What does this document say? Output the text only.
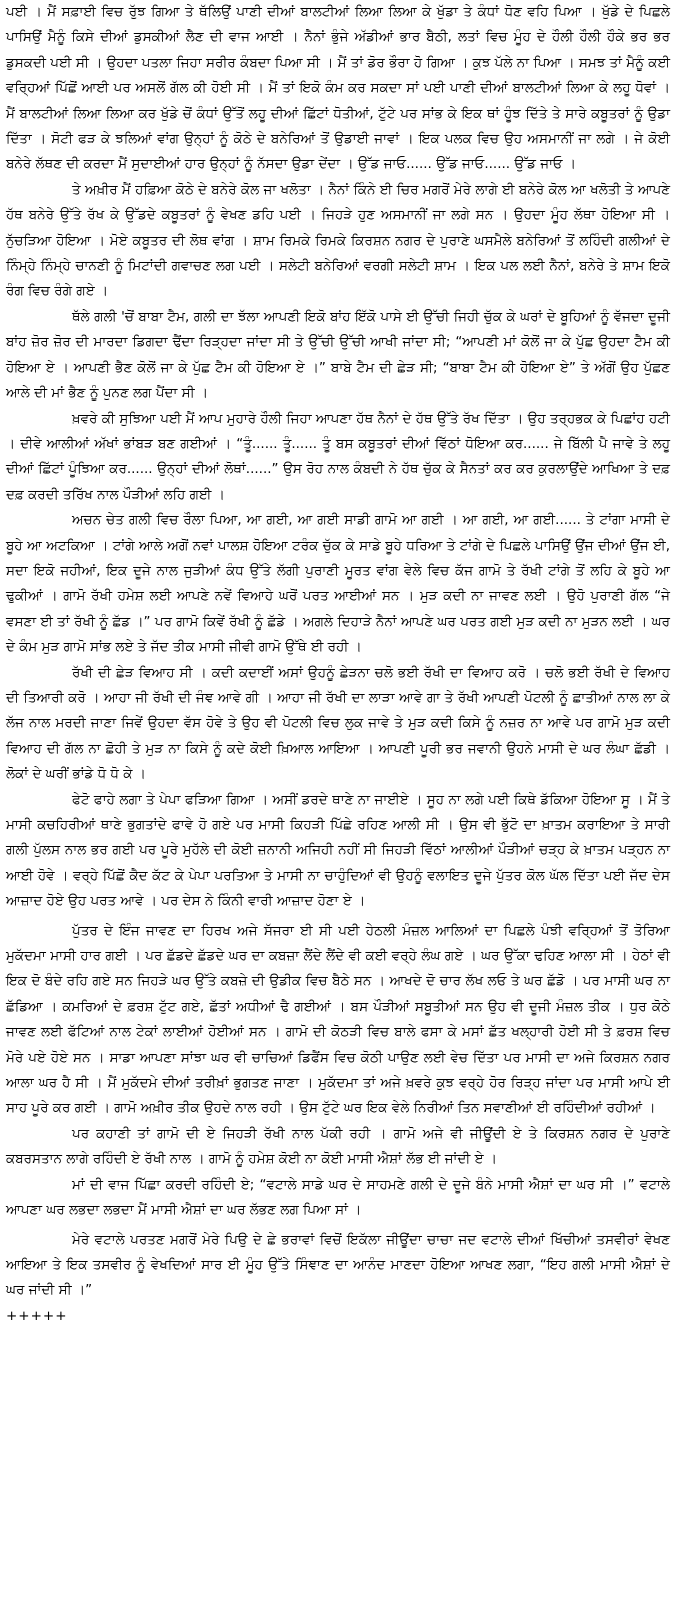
ਪਈ । ਮੈਂ ਸਫ਼ਾਈ ਵਿਚ ਰੁੱਝ ਗਿਆ ਤੇ ਥੱਲਿਉਂ ਪਾਣੀ ਦੀਆਂ ਬਾਲਟੀਆਂ ਲਿਆ ਲਿਆ ਕੇ ਖੁੱਡਾ ਤੇ ਕੰਧਾਂ ਧੋਣ ਵਹਿ ਪਿਆ । ਖੁੱਡੇ ਦੇ ਪਿਛਲੇ ਪਾਸਿਉਂ ਮੈਨੂੰ ਕਿਸੇ ਦੀਆਂ ਡੁਸਕੀਆਂ ਲੈਣ ਦੀ ਵਾਜ ਆਈ । ਨੈਨਾਂ ਭੁੰਜੇ ਅੱਡੀਆਂ ਭਾਰ ਬੈਠੀ, ਲਤਾਂ ਵਿਚ ਮੂੰਹ ਦੇ ਹੌਲੀ ਹੌਲੀ ਹੌਕੇ ਭਰ ਭਰ ਡੁਸਕਦੀ ਪਈ ਸੀ । ਉਹਦਾ ਪਤਲਾ ਜਿਹਾ ਸਰੀਰ ਕੰਬਦਾ ਪਿਆ ਸੀ । ਮੈਂ ਤਾਂ ਡੋਰ ਭੌਰਾ ਹੋ ਗਿਆ । ਕੁਝ ਪੱਲੇ ਨਾ ਪਿਆ । ਸਮਝ ਤਾਂ ਮੈਨੂੰ ਕਈ ਵਰ੍ਹਿਆਂ ਪਿੱਛੋਂ ਆਈ ਪਰ ਅਸਲੋਂ ਗੱਲ ਕੀ ਹੋਈ ਸੀ । ਮੈਂ ਤਾਂ ਇਕੋ ਕੰਮ ਕਰ ਸਕਦਾ ਸਾਂ ਪਈ ਪਾਣੀ ਦੀਆਂ ਬਾਲਟੀਆਂ ਲਿਆ ਕੇ ਲਹੂ ਧੋਵਾਂ । ਮੈਂ ਬਾਲਟੀਆਂ ਲਿਆ ਲਿਆ ਕਰ ਖੁੱਡੇ ਚੋਂ ਕੰਧਾਂ ਉੱਤੋਂ ਲਹੂ ਦੀਆਂ ਛਿੱਟਾਂ ਧੋਤੀਆਂ, ਟੁੱਟੇ ਪਰ ਸਾਂਭ ਕੇ ਇਕ ਥਾਂ ਹੂੰਝ ਦਿੱਤੇ ਤੇ ਸਾਰੇ ਕਬੂਤਰਾਂ ਨੂੰ ਉਡਾ ਦਿੱਤਾ । ਸੋਟੀ ਫੜ ਕੇ ਝਲਿਆਂ ਵਾਂਗ ਉਨ੍ਹਾਂ ਨੂੰ ਕੋਠੇ ਦੇ ਬਨੇਰਿਆਂ ਤੋਂ ਉਡਾਈ ਜਾਵਾਂ । ਇਕ ਪਲਕ ਵਿਚ ਉਹ ਅਸਮਾਨੀਂ ਜਾ ਲਗੇ । ਜੇ ਕੋਈ ਬਨੇਰੇ ਲੱਥਣ ਦੀ ਕਰਦਾ ਮੈਂ ਸੁਦਾਈਆਂ ਹਾਰ ਉਨ੍ਹਾਂ ਨੂੰ ਨੱਸਦਾ ਉਡਾ ਦੇਂਦਾ । ਉੱਡ ਜਾਓ...... ਉੱਡ ਜਾਓ...... ਉੱਡ ਜਾਓ ।

ਤੇ ਅਖ਼ੀਰ ਮੈਂ ਹਫ਼ਿਆ ਕੋਠੇ ਦੇ ਬਨੇਰੇ ਕੋਲ ਜਾ ਖਲੋਤਾ । ਨੈਨਾਂ ਕਿੰਨੇ ਈ ਚਿਰ ਮਗਰੋਂ ਮੇਰੇ ਲਾਗੇ ਈ ਬਨੇਰੇ ਕੋਲ ਆ ਖਲੋਤੀ ਤੇ ਆਪਣੇ ਹੱਥ ਬਨੇਰੇ ਉੱਤੇ ਰੱਖ ਕੇ ਉੱਡਦੇ ਕਬੂਤਰਾਂ ਨੂੰ ਵੇਖਣ ਡਹਿ ਪਈ । ਜਿਹੜੇ ਹੁਣ ਅਸਮਾਨੀਂ ਜਾ ਲਗੇ ਸਨ । ਉਹਦਾ ਮੂੰਹ ਲੱਥਾ ਹੋਇਆ ਸੀ । ਨੁੱਚੜਿਆ ਹੋਇਆ । ਮੋਏ ਕਬੂਤਰ ਦੀ ਲੋਥ ਵਾਂਗ । ਸ਼ਾਮ ਰਿਮਕੇ ਰਿਮਕੇ ਕਿਰਸ਼ਨ ਨਗਰ ਦੇ ਪੁਰਾਣੇ ਘਸਮੈਲੇ ਬਨੇਰਿਆਂ ਤੋਂ ਲਹਿੰਦੀ ਗਲੀਆਂ ਦੇ ਨਿੰਮ੍ਹੇ ਨਿੰਮ੍ਹੇ ਚਾਨਣੀ ਨੂੰ ਮਿਟਾਂਦੀ ਗਵਾਚਣ ਲਗ ਪਈ । ਸਲੇਟੀ ਬਨੇਰਿਆਂ ਵਰਗੀ ਸਲੇਟੀ ਸ਼ਾਮ । ਇਕ ਪਲ ਲਈ ਨੈਨਾਂ, ਬਨੇਰੇ ਤੇ ਸ਼ਾਮ ਇਕੋ ਰੰਗ ਵਿਚ ਰੰਗੇ ਗਏ ।

ਥੱਲੇ ਗਲੀ 'ਚੋਂ ਬਾਬਾ ਟੈਮ, ਗਲੀ ਦਾ ਝੱਲਾ ਆਪਣੀ ਇਕੋ ਬਾਂਹ ਇੱਕੋ ਪਾਸੇ ਈ ਉੱਚੀ ਜਿਹੀ ਚੁੱਕ ਕੇ ਘਰਾਂ ਦੇ ਬੂਹਿਆਂ ਨੂੰ ਵੱਜਦਾ ਦੂਜੀ ਬਾਂਹ ਜ਼ੋਰ ਜ਼ੋਰ ਦੀ ਮਾਰਦਾ ਡਿਗਦਾ ਢੈਂਦਾ ਰਿੜ੍ਹਦਾ ਜਾਂਦਾ ਸੀ ਤੇ ਉੱਚੀ ਉੱਚੀ ਆਖੀ ਜਾਂਦਾ ਸੀ; “ਆਪਣੀ ਮਾਂ ਕੋਲੋਂ ਜਾ ਕੇ ਪੁੱਛ ਉਹਦਾ ਟੈਮ ਕੀ ਹੋਇਆ ਏ । ਆਪਣੀ ਭੈਣ ਕੋਲੋਂ ਜਾ ਕੇ ਪੁੱਛ ਟੈਮ ਕੀ ਹੋਇਆ ਏ ।” ਬਾਬੇ ਟੈਮ ਦੀ ਛੇੜ ਸੀ; “ਬਾਬਾ ਟੈਮ ਕੀ ਹੋਇਆ ਏ” ਤੇ ਅੱਗੋਂ ਉਹ ਪੁੱਛਣ ਆਲੇ ਦੀ ਮਾਂ ਭੈਣ ਨੂੰ ਪੁਨਣ ਲਗ ਪੈਂਦਾ ਸੀ ।

ਖ਼ਵਰੇ ਕੀ ਸੁਝਿਆ ਪਈ ਮੈਂ ਆਪ ਮੁਹਾਰੇ ਹੌਲੀ ਜਿਹਾ ਆਪਣਾ ਹੱਥ ਨੈਨਾਂ ਦੇ ਹੱਥ ਉੱਤੇ ਰੱਖ ਦਿੱਤਾ । ਉਹ ਤਰ੍ਹਭਕ ਕੇ ਪਿਛਾਂਹ ਹਟੀ । ਦੀਵੇ ਆਲੀਆਂ ਅੱਖਾਂ ਭਾਂਬੜ ਬਣ ਗਈਆਂ । “ਤੂੰ...... ਤੂੰ...... ਤੂੰ ਬਸ ਕਬੂਤਰਾਂ ਦੀਆਂ ਵਿੱਠਾਂ ਧੋਇਆ ਕਰ...... ਜੇ ਬਿੱਲੀ ਪੈ ਜਾਵੇ ਤੇ ਲਹੂ ਦੀਆਂ ਛਿੱਟਾਂ ਪੂੰਝਿਆ ਕਰ...... ਉਨ੍ਹਾਂ ਦੀਆਂ ਲੋਥਾਂ......” ਉਸ ਰੋਹ ਨਾਲ ਕੰਬਦੀ ਨੇ ਹੱਥ ਚੁੱਕ ਕੇ ਸੈਨਤਾਂ ਕਰ ਕਰ ਕੁਰਲਾਉਂਦੇ ਆਖਿਆ ਤੇ ਦਫ਼ ਦਫ਼ ਕਰਦੀ ਤਰਿੱਖ ਨਾਲ ਪੌੜੀਆਂ ਲਹਿ ਗਈ ।

ਅਚਨ ਚੇਤ ਗਲੀ ਵਿਚ ਰੌਲਾ ਪਿਆ, ਆ ਗਈ, ਆ ਗਈ ਸਾਡੀ ਗਾਮੋ ਆ ਗਈ । ਆ ਗਈ, ਆ ਗਈ...... ਤੇ ਟਾਂਗਾ ਮਾਸੀ ਦੇ ਬੂਹੇ ਆ ਅਟਕਿਆ । ਟਾਂਗੇ ਆਲੇ ਅਗੋਂ ਨਵਾਂ ਪਾਲਸ਼ ਹੋਇਆ ਟਰੰਕ ਚੁੱਕ ਕੇ ਸਾਡੇ ਬੂਹੇ ਧਰਿਆ ਤੇ ਟਾਂਗੇ ਦੇ ਪਿਛਲੇ ਪਾਸਿਉਂ ਉਂਜ ਦੀਆਂ ਉਂਜ ਈ, ਸਦਾ ਇਕੋ ਜਹੀਆਂ, ਇਕ ਦੂਜੇ ਨਾਲ ਜੁੜੀਆਂ ਕੰਧ ਉੱਤੇ ਲੱਗੀ ਪੁਰਾਣੀ ਮੂਰਤ ਵਾਂਗ ਵੇਲੇ ਵਿਚ ਕੱਜ ਗਾਮੋ ਤੇ ਰੱਖੀ ਟਾਂਗੇ ਤੋਂ ਲਹਿ ਕੇ ਬੂਹੇ ਆ ਢੁਕੀਆਂ । ਗਾਮੋ ਰੱਖੀ ਹਮੇਸ਼ ਲਈ ਆਪਣੇ ਨਵੇਂ ਵਿਆਹੇ ਘਰੋਂ ਪਰਤ ਆਈਆਂ ਸਨ । ਮੁੜ ਕਦੀ ਨਾ ਜਾਵਣ ਲਈ । ਉਹੋ ਪੁਰਾਣੀ ਗੱਲ “ਜੇ ਵਸਣਾ ਈ ਤਾਂ ਰੱਖੀ ਨੂੰ ਛੱਡ ।” ਪਰ ਗਾਮੋ ਕਿਵੇਂ ਰੱਖੀ ਨੂੰ ਛੱਡੇ । ਅਗਲੇ ਦਿਹਾੜੇ ਨੈਨਾਂ ਆਪਣੇ ਘਰ ਪਰਤ ਗਈ ਮੁੜ ਕਦੀ ਨਾ ਮੁੜਨ ਲਈ । ਘਰ ਦੇ ਕੰਮ ਮੁੜ ਗਾਮੋ ਸਾਂਭ ਲਏ ਤੇ ਜੱਦ ਤੀਕ ਮਾਸੀ ਜੀਵੀ ਗਾਮੋ ਉੱਥੇ ਈ ਰਹੀ ।

ਰੱਖੀ ਦੀ ਛੇੜ ਵਿਆਹ ਸੀ । ਕਦੀ ਕਦਾਈਂ ਅਸਾਂ ਉਹਨੂੰ ਛੇੜਨਾ ਚਲੋ ਭਈ ਰੱਖੀ ਦਾ ਵਿਆਹ ਕਰੋ । ਚਲੋ ਭਈ ਰੱਖੀ ਦੇ ਵਿਆਹ ਦੀ ਤਿਆਰੀ ਕਰੋ । ਆਹਾ ਜੀ ਰੱਖੀ ਦੀ ਜੰਞ ਆਵੇ ਗੀ । ਆਹਾ ਜੀ ਰੱਖੀ ਦਾ ਲਾੜਾ ਆਵੇ ਗਾ ਤੇ ਰੱਖੀ ਆਪਣੀ ਪੋਟਲੀ ਨੂੰ ਛਾਤੀਆਂ ਨਾਲ ਲਾ ਕੇ ਲੱਜ ਨਾਲ ਮਰਦੀ ਜਾਣਾ ਜਿਵੇਂ ਉਹਦਾ ਵੱਸ ਹੋਵੇ ਤੇ ਉਹ ਵੀ ਪੋਟਲੀ ਵਿਚ ਲੁਕ ਜਾਵੇ ਤੇ ਮੁੜ ਕਦੀ ਕਿਸੇ ਨੂੰ ਨਜ਼ਰ ਨਾ ਆਵੇ ਪਰ ਗਾਮੋ ਮੁੜ ਕਦੀ ਵਿਆਹ ਦੀ ਗੱਲ ਨਾ ਛੋਹੀ ਤੇ ਮੁੜ ਨਾ ਕਿਸੇ ਨੂੰ ਕਦੇ ਕੋਈ ਖ਼ਿਆਲ ਆਇਆ । ਆਪਣੀ ਪੂਰੀ ਭਰ ਜਵਾਨੀ ਉਹਨੇ ਮਾਸੀ ਦੇ ਘਰ ਲੰਘਾ ਛੱਡੀ । ਲੋਕਾਂ ਦੇ ਘਰੀਂ ਭਾਂਡੇ ਧੋ ਧੋ ਕੇ ।

ਫੇਟੋ ਫਾਹੇ ਲਗਾ ਤੇ ਪੇਪਾ ਫੜਿਆ ਗਿਆ । ਅਸੀਂ ਡਰਦੇ ਥਾਣੇ ਨਾ ਜਾਈਏ । ਸੂਹ ਨਾ ਲਗੇ ਪਈ ਕਿਥੇ ਡੱਕਿਆ ਹੋਇਆ ਸੂ । ਮੈਂ ਤੇ ਮਾਸੀ ਕਚਹਿਰੀਆਂ ਥਾਣੇ ਭੁਗਤਾਂਦੇ ਫਾਵੇ ਹੋ ਗਏ ਪਰ ਮਾਸੀ ਕਿਹੜੀ ਪਿੱਛੇ ਰਹਿਣ ਆਲੀ ਸੀ । ਉਸ ਵੀ ਭੁੱਟੋ ਦਾ ਖ਼ਾਤਮ ਕਰਾਇਆ ਤੇ ਸਾਰੀ ਗਲੀ ਪੁੱਲਸ ਨਾਲ ਭਰ ਗਈ ਪਰ ਪੂਰੇ ਮੁਹੱਲੇ ਦੀ ਕੋਈ ਜ਼ਨਾਨੀ ਅਜਿਹੀ ਨਹੀਂ ਸੀ ਜਿਹੜੀ ਵਿੱਠਾਂ ਆਲੀਆਂ ਪੌੜੀਆਂ ਚੜ੍ਹ ਕੇ ਖ਼ਾਤਮ ਪੜ੍ਹਨ ਨਾ ਆਈ ਹੋਵੇ । ਵਰ੍ਹੇ ਪਿੱਛੋਂ ਕੈਦ ਕੱਟ ਕੇ ਪੇਪਾ ਪਰਤਿਆ ਤੇ ਮਾਸੀ ਨਾ ਚਾਹੁੰਦਿਆਂ ਵੀ ਉਹਨੂੰ ਵਲਾਇਤ ਦੂਜੇ ਪੁੱਤਰ ਕੋਲ ਘੱਲ ਦਿੱਤਾ ਪਈ ਜੱਦ ਦੇਸ ਆਜ਼ਾਦ ਹੋਏ ਉਹ ਪਰਤ ਆਵੇ । ਪਰ ਦੇਸ ਨੇ ਕਿੰਨੀ ਵਾਰੀ ਆਜ਼ਾਦ ਹੋਣਾ ਏ ।

ਪੁੱਤਰ ਦੇ ਇੰਜ ਜਾਵਣ ਦਾ ਹਿਰਖ ਅਜੇ ਸੱਜਰਾ ਈ ਸੀ ਪਈ ਹੇਠਲੀ ਮੰਜ਼ਲ ਆਲਿਆਂ ਦਾ ਪਿਛਲੇ ਪੰਝੀ ਵਰ੍ਹਿਆਂ ਤੋਂ ਤੋਰਿਆ ਮੁਕੱਦਮਾ ਮਾਸੀ ਹਾਰ ਗਈ । ਪਰ ਛੱਡਦੇ ਛੱਡਦੇ ਘਰ ਦਾ ਕਬਜ਼ਾ ਲੈਂਦੇ ਲੈਂਦੇ ਵੀ ਕਈ ਵਰ੍ਹੇ ਲੰਘ ਗਏ । ਘਰ ਉੱਕਾ ਢਹਿਣ ਆਲਾ ਸੀ । ਹੇਠਾਂ ਵੀ ਇਕ ਦੋ ਬੰਦੇ ਰਹਿ ਗਏ ਸਨ ਜਿਹੜੇ ਘਰ ਉੱਤੇ ਕਬਜ਼ੇ ਦੀ ਉਡੀਕ ਵਿਚ ਬੈਠੇ ਸਨ । ਆਖਦੇ ਦੋ ਚਾਰ ਲੱਖ ਲਓ ਤੇ ਘਰ ਛੱਡੋ । ਪਰ ਮਾਸੀ ਘਰ ਨਾ ਛੱਡਿਆ । ਕਮਰਿਆਂ ਦੇ ਫ਼ਰਸ਼ ਟੁੱਟ ਗਏ, ਛੱਤਾਂ ਅਧੀਆਂ ਢੈ ਗਈਆਂ । ਬਸ ਪੌੜੀਆਂ ਸਬੂਤੀਆਂ ਸਨ ਉਹ ਵੀ ਦੂਜੀ ਮੰਜ਼ਲ ਤੀਕ । ਧੁਰ ਕੋਠੇ ਜਾਵਣ ਲਈ ਫੱਟਿਆਂ ਨਾਲ ਟੇਕਾਂ ਲਾਈਆਂ ਹੋਈਆਂ ਸਨ । ਗਾਮੋ ਦੀ ਕੋਠੜੀ ਵਿਚ ਬਾਲੇ ਫਸਾ ਕੇ ਮਸਾਂ ਛੱਤ ਖਲ੍ਹਾਰੀ ਹੋਈ ਸੀ ਤੇ ਫ਼ਰਸ਼ ਵਿਚ ਮੋਰੇ ਪਏ ਹੋਏ ਸਨ । ਸਾਡਾ ਆਪਣਾ ਸਾਂਝਾ ਘਰ ਵੀ ਚਾਚਿਆਂ ਡਿਫੈਂਸ ਵਿਚ ਕੋਠੀ ਪਾਉਣ ਲਈ ਵੇਚ ਦਿੱਤਾ ਪਰ ਮਾਸੀ ਦਾ ਅਜੇ ਕਿਰਸ਼ਨ ਨਗਰ ਆਲਾ ਘਰ ਹੈ ਸੀ । ਮੈਂ ਮੁਕੱਦਮੇ ਦੀਆਂ ਤਰੀਖ਼ਾਂ ਭੁਗਤਣ ਜਾਣਾ । ਮੁਕੱਦਮਾ ਤਾਂ ਅਜੇ ਖ਼ਵਰੇ ਕੁਝ ਵਰ੍ਹੇ ਹੋਰ ਰਿੜ੍ਹ ਜਾਂਦਾ ਪਰ ਮਾਸੀ ਆਪੇ ਈ ਸਾਹ ਪੂਰੇ ਕਰ ਗਈ । ਗਾਮੋ ਅਖ਼ੀਰ ਤੀਕ ਉਹਦੇ ਨਾਲ ਰਹੀ । ਉਸ ਟੁੱਟੇ ਘਰ ਇਕ ਵੇਲੇ ਨਿਰੀਆਂ ਤਿਨ ਸਵਾਣੀਆਂ ਈ ਰਹਿੰਦੀਆਂ ਰਹੀਆਂ ।

ਪਰ ਕਹਾਣੀ ਤਾਂ ਗਾਮੋ ਦੀ ਏ ਜਿਹੜੀ ਰੱਖੀ ਨਾਲ ਪੱਕੀ ਰਹੀ । ਗਾਮੋ ਅਜੇ ਵੀ ਜੀਊਂਦੀ ਏ ਤੇ ਕਿਰਸ਼ਨ ਨਗਰ ਦੇ ਪੁਰਾਣੇ ਕਬਰਸਤਾਨ ਲਾਗੇ ਰਹਿੰਦੀ ਏ ਰੱਖੀ ਨਾਲ । ਗਾਮੋ ਨੂੰ ਹਮੇਸ਼ ਕੋਈ ਨਾ ਕੋਈ ਮਾਸੀ ਐਸ਼ਾਂ ਲੱਭ ਈ ਜਾਂਦੀ ਏ ।

ਮਾਂ ਦੀ ਵਾਜ ਪਿੱਛਾ ਕਰਦੀ ਰਹਿੰਦੀ ਏ; “ਵਟਾਲੇ ਸਾਡੇ ਘਰ ਦੇ ਸਾਹਮਣੇ ਗਲੀ ਦੇ ਦੂਜੇ ਬੰਨੇ ਮਾਸੀ ਐਸ਼ਾਂ ਦਾ ਘਰ ਸੀ ।” ਵਟਾਲੇ ਆਪਣਾ ਘਰ ਲਭਦਾ ਲਭਦਾ ਮੈਂ ਮਾਸੀ ਐਸ਼ਾਂ ਦਾ ਘਰ ਲੱਭਣ ਲਗ ਪਿਆ ਸਾਂ ।

ਮੇਰੇ ਵਟਾਲੇ ਪਰਤਣ ਮਗਰੋਂ ਮੇਰੇ ਪਿਉ ਦੇ ਛੇ ਭਰਾਵਾਂ ਵਿਚੋਂ ਇਕੱਲਾ ਜੀਊਂਦਾ ਚਾਚਾ ਜਦ ਵਟਾਲੇ ਦੀਆਂ ਖਿੱਚੀਆਂ ਤਸਵੀਰਾਂ ਵੇਖਣ ਆਇਆ ਤੇ ਇਕ ਤਸਵੀਰ ਨੂੰ ਵੇਖਦਿਆਂ ਸਾਰ ਈ ਮੂੰਹ ਉੱਤੇ ਸਿੰਞਾਣ ਦਾ ਆਨੰਦ ਮਾਣਦਾ ਹੋਇਆ ਆਖਣ ਲਗਾ, “ਇਹ ਗਲੀ ਮਾਸੀ ਐਸ਼ਾਂ ਦੇ ਘਰ ਜਾਂਦੀ ਸੀ ।”

+++++
